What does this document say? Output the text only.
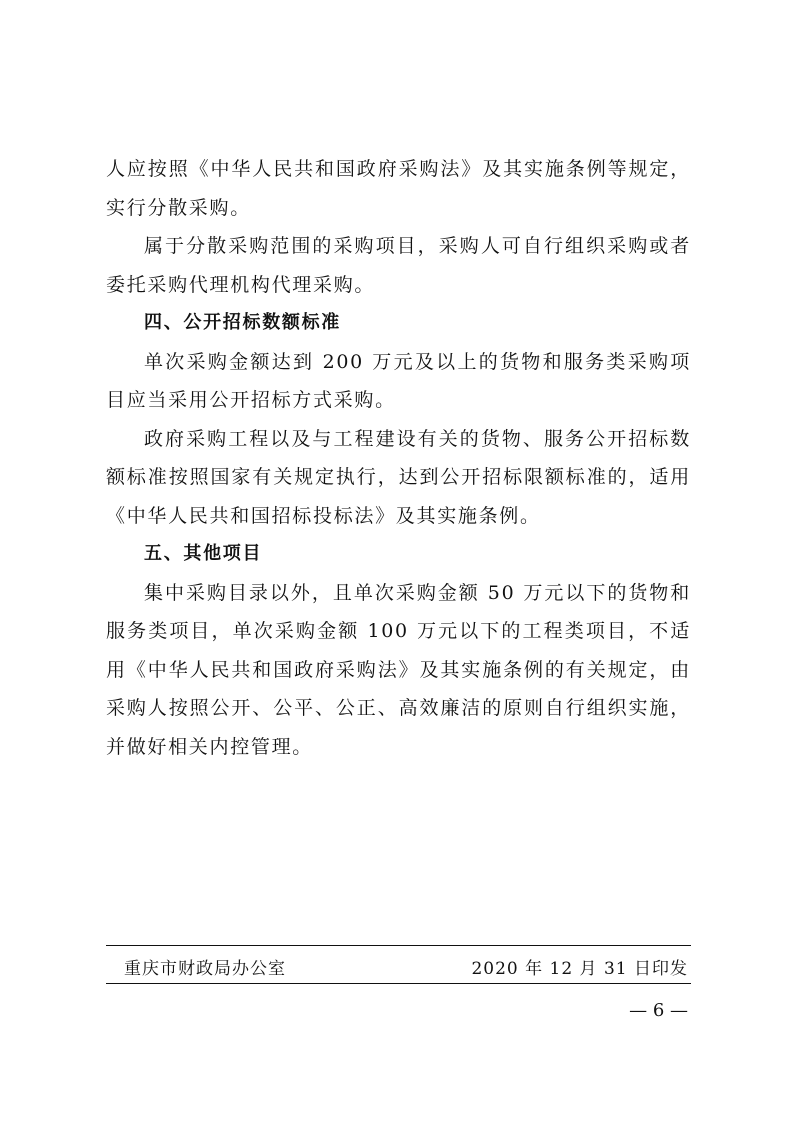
人应按照《中华人民共和国政府采购法》及其实施条例等规定，实行分散采购。

属于分散采购范围的采购项目，采购人可自行组织采购或者委托采购代理机构代理采购。

四、公开招标数额标准

单次采购金额达到 200 万元及以上的货物和服务类采购项目应当采用公开招标方式采购。

政府采购工程以及与工程建设有关的货物、服务公开招标数额标准按照国家有关规定执行，达到公开招标限额标准的，适用《中华人民共和国招标投标法》及其实施条例。

五、其他项目

集中采购目录以外，且单次采购金额 50 万元以下的货物和服务类项目，单次采购金额 100 万元以下的工程类项目，不适用《中华人民共和国政府采购法》及其实施条例的有关规定，由采购人按照公开、公平、公正、高效廉洁的原则自行组织实施，并做好相关内控管理。

重庆市财政局办公室	2020 年 12 月 31 日印发
— 6 —
